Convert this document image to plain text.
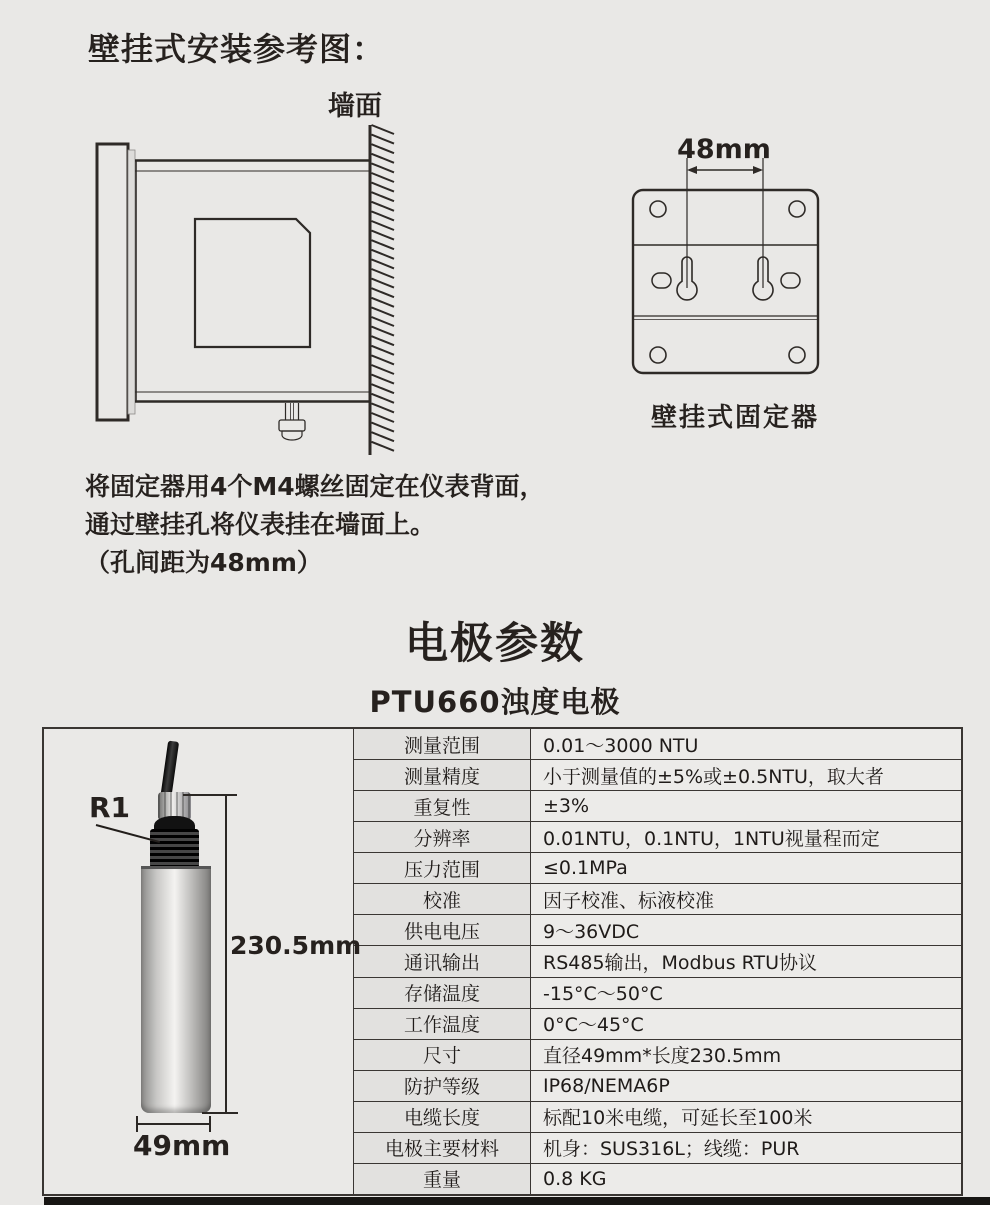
壁挂式安装参考图：
墙面
48mm
壁挂式固定器
将固定器用4个M4螺丝固定在仪表背面，
通过壁挂孔将仪表挂在墙面上。
（孔间距为48mm）
电极参数
PTU660浊度电极
R1
230.5mm
49mm
测量范围	0.01～3000 NTU
测量精度	小于测量值的±5%或±0.5NTU，取大者
重复性	±3%
分辨率	0.01NTU，0.1NTU，1NTU视量程而定
压力范围	≤0.1MPa
校准	因子校准、标液校准
供电电压	9～36VDC
通讯输出	RS485输出，Modbus RTU协议
存储温度	-15°C～50°C
工作温度	0°C～45°C
尺寸	直径49mm*长度230.5mm
防护等级	IP68/NEMA6P
电缆长度	标配10米电缆，可延长至100米
电极主要材料	机身：SUS316L；线缆：PUR
重量	0.8 KG
